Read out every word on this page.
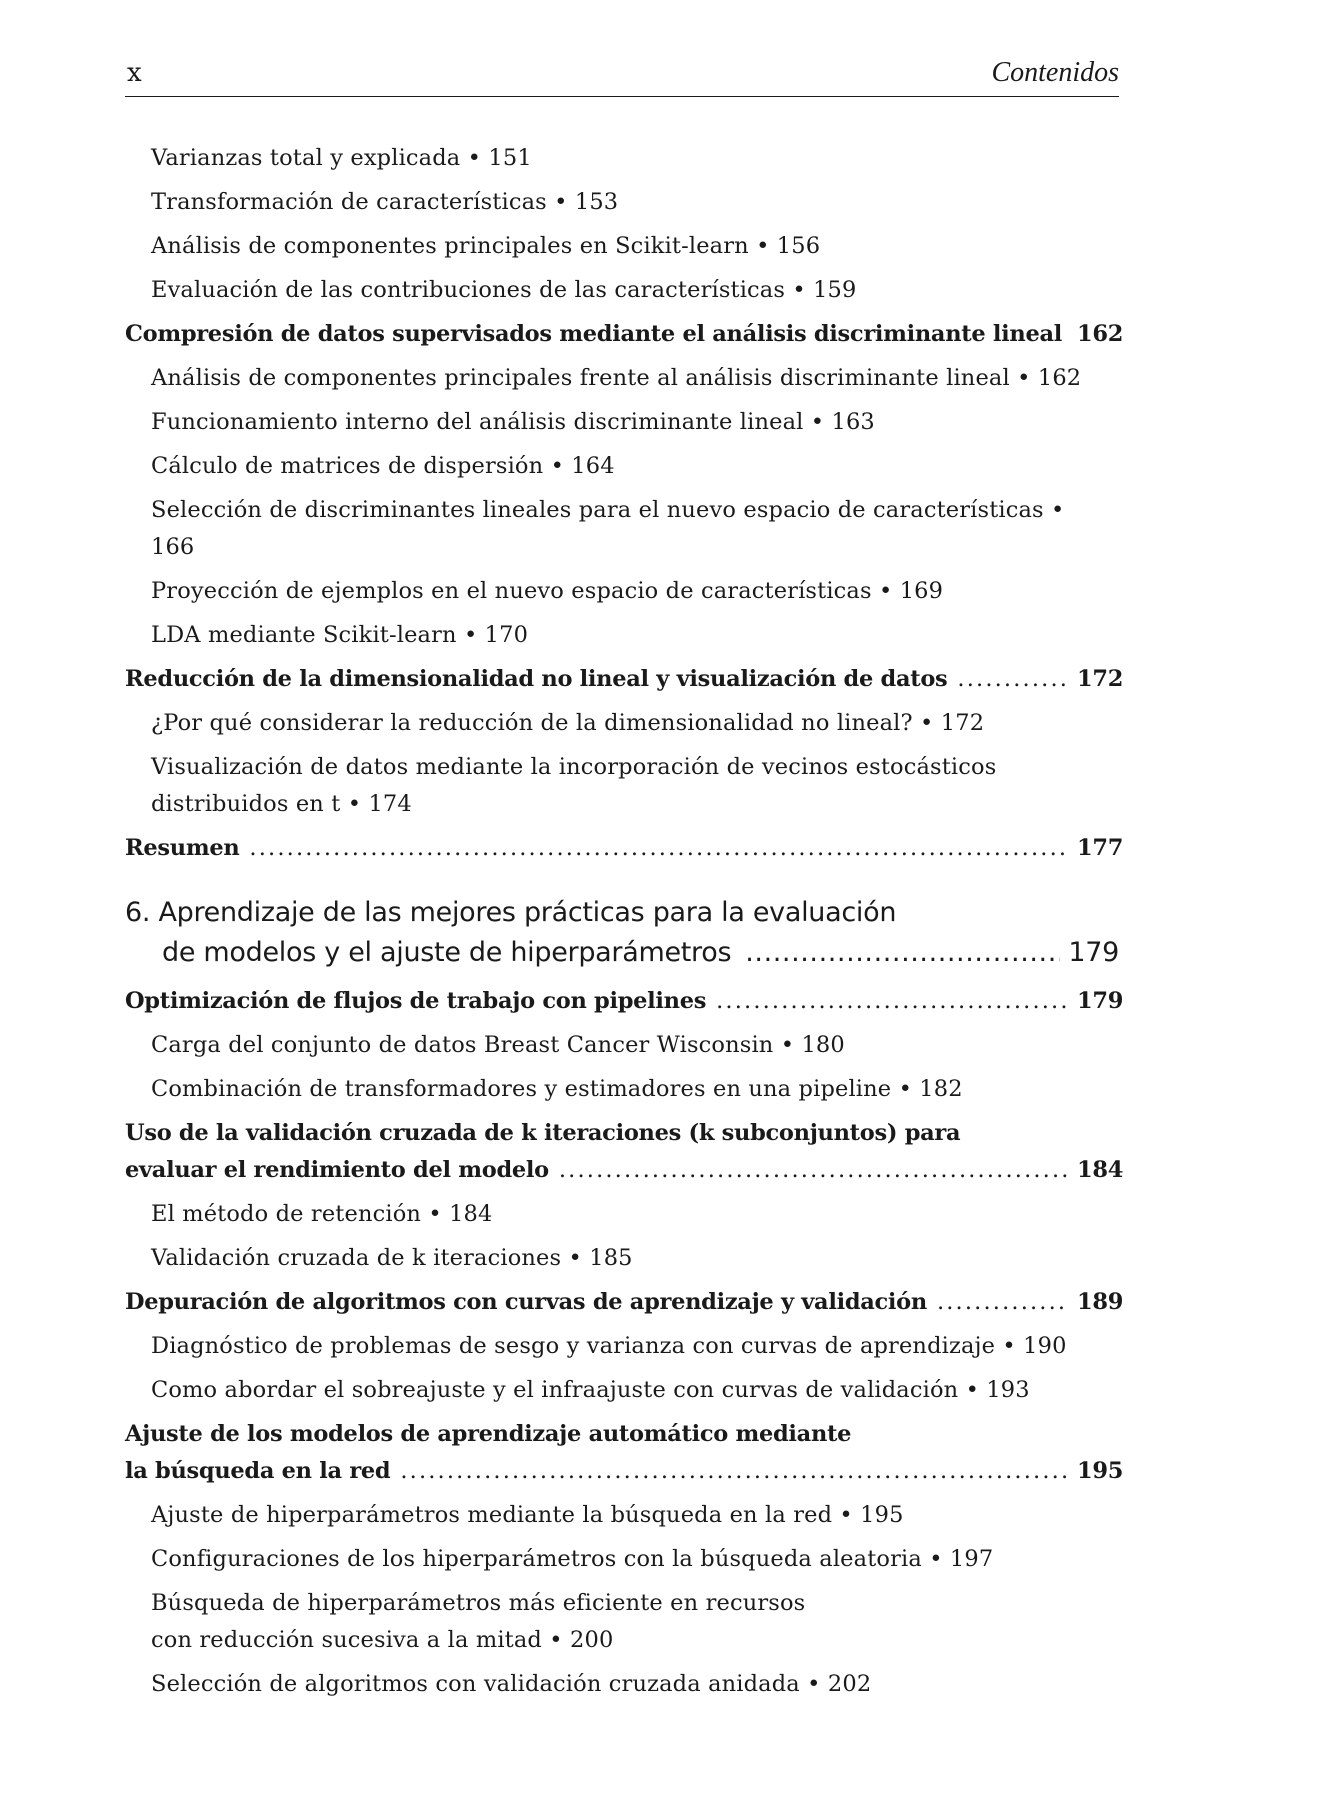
x	Contenidos
Varianzas total y explicada • 151
Transformación de características • 153
Análisis de componentes principales en Scikit-learn • 156
Evaluación de las contribuciones de las características • 159
Compresión de datos supervisados mediante el análisis discriminante lineal 162
Análisis de componentes principales frente al análisis discriminante lineal • 162
Funcionamiento interno del análisis discriminante lineal • 163
Cálculo de matrices de dispersión • 164
Selección de discriminantes lineales para el nuevo espacio de características • 166
Proyección de ejemplos en el nuevo espacio de características • 169
LDA mediante Scikit-learn • 170
Reducción de la dimensionalidad no lineal y visualización de datos . . .	172
¿Por qué considerar la reducción de la dimensionalidad no lineal? • 172
Visualización de datos mediante la incorporación de vecinos estocásticos distribuidos en t • 174
Resumen . . .	177
6. Aprendizaje de las mejores prácticas para la evaluación
de modelos y el ajuste de hiperparámetros . . .	179
Optimización de flujos de trabajo con pipelines . . .	179
Carga del conjunto de datos Breast Cancer Wisconsin • 180
Combinación de transformadores y estimadores en una pipeline • 182
Uso de la validación cruzada de k iteraciones (k subconjuntos) para
evaluar el rendimiento del modelo . . .	184
El método de retención • 184
Validación cruzada de k iteraciones • 185
Depuración de algoritmos con curvas de aprendizaje y validación . . .	189
Diagnóstico de problemas de sesgo y varianza con curvas de aprendizaje • 190
Como abordar el sobreajuste y el infraajuste con curvas de validación • 193
Ajuste de los modelos de aprendizaje automático mediante
la búsqueda en la red . . .	195
Ajuste de hiperparámetros mediante la búsqueda en la red • 195
Configuraciones de los hiperparámetros con la búsqueda aleatoria • 197
Búsqueda de hiperparámetros más eficiente en recursos
con reducción sucesiva a la mitad • 200
Selección de algoritmos con validación cruzada anidada • 202
